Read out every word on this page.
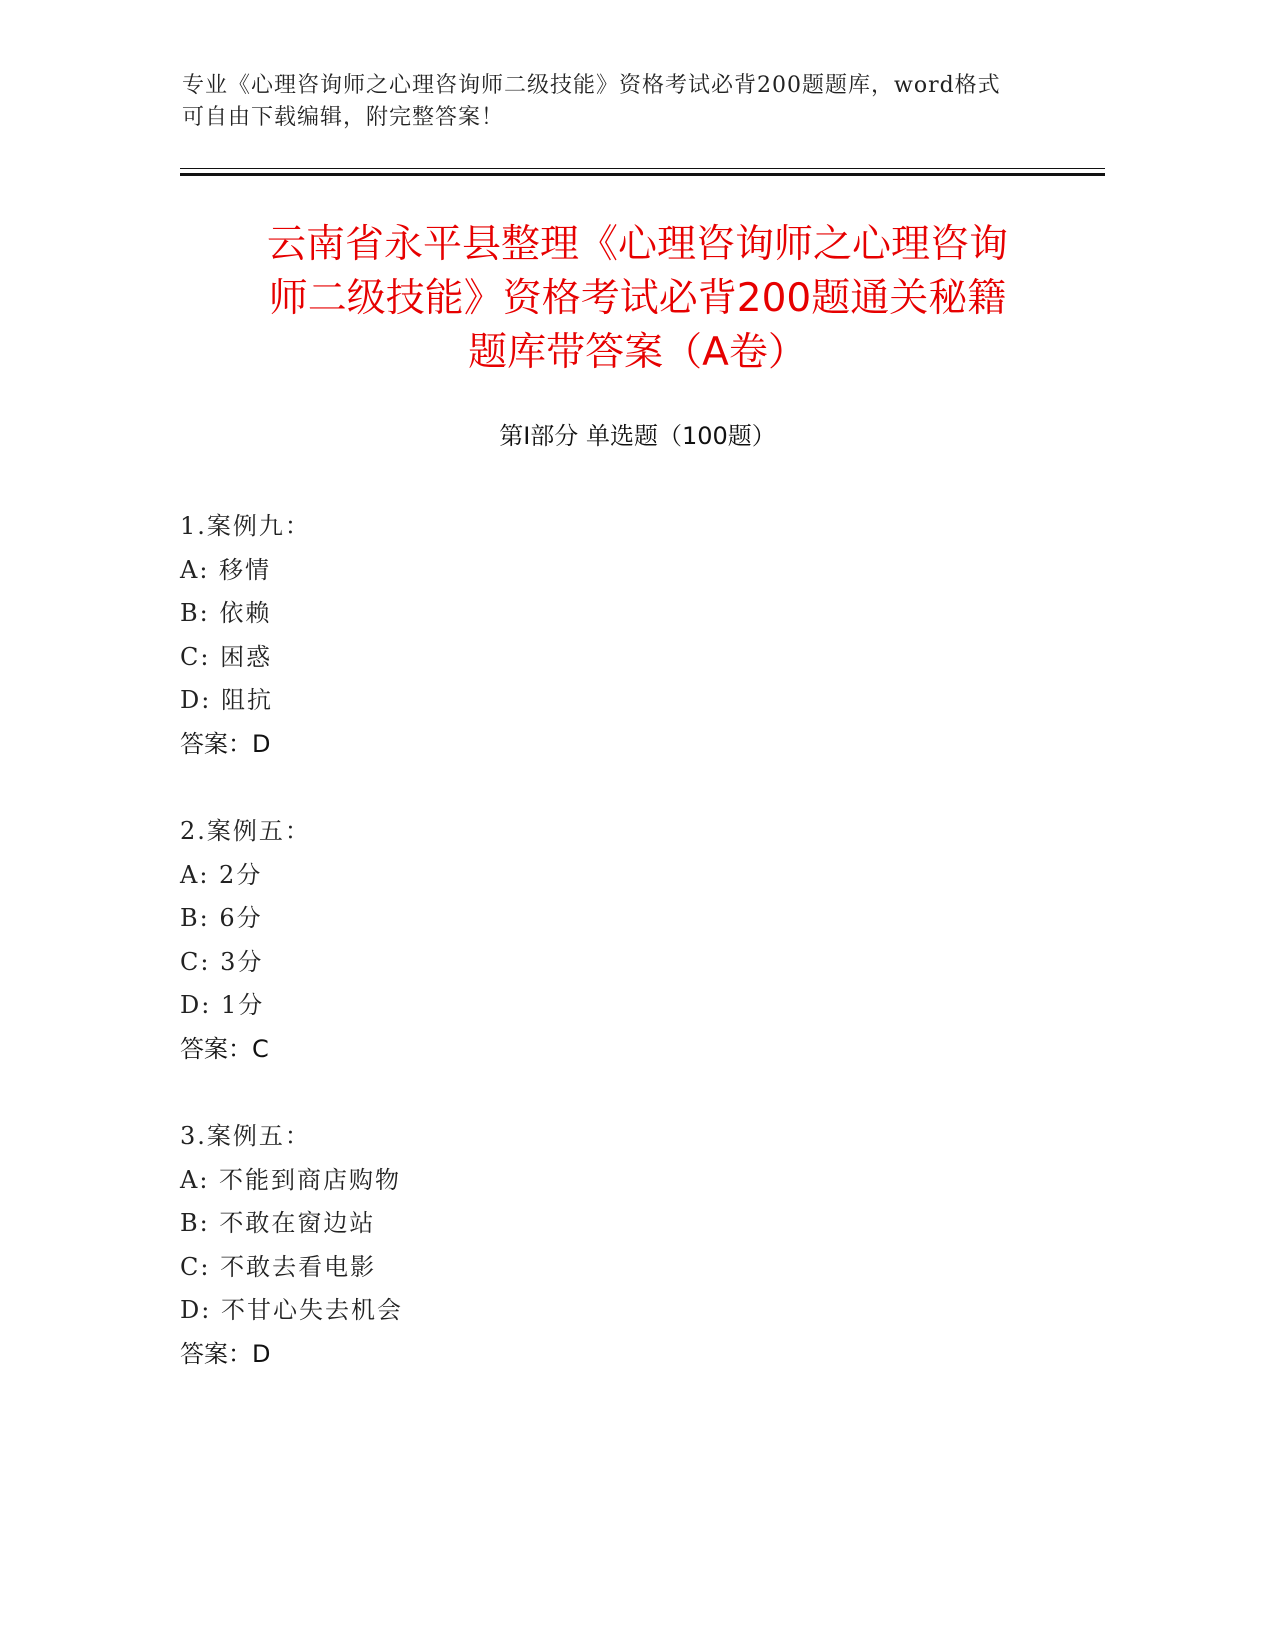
专业《心理咨询师之心理咨询师二级技能》资格考试必背200题题库，word格式
可自由下载编辑，附完整答案！
云南省永平县整理《心理咨询师之心理咨询
师二级技能》资格考试必背200题通关秘籍
题库带答案（A卷）
第Ⅰ部分 单选题（100题）
1.案例九：
A: 移情
B: 依赖
C: 困惑
D: 阻抗
答案：D
2.案例五：
A: 2分
B: 6分
C: 3分
D: 1分
答案：C
3.案例五：
A: 不能到商店购物
B: 不敢在窗边站
C: 不敢去看电影
D: 不甘心失去机会
答案：D
